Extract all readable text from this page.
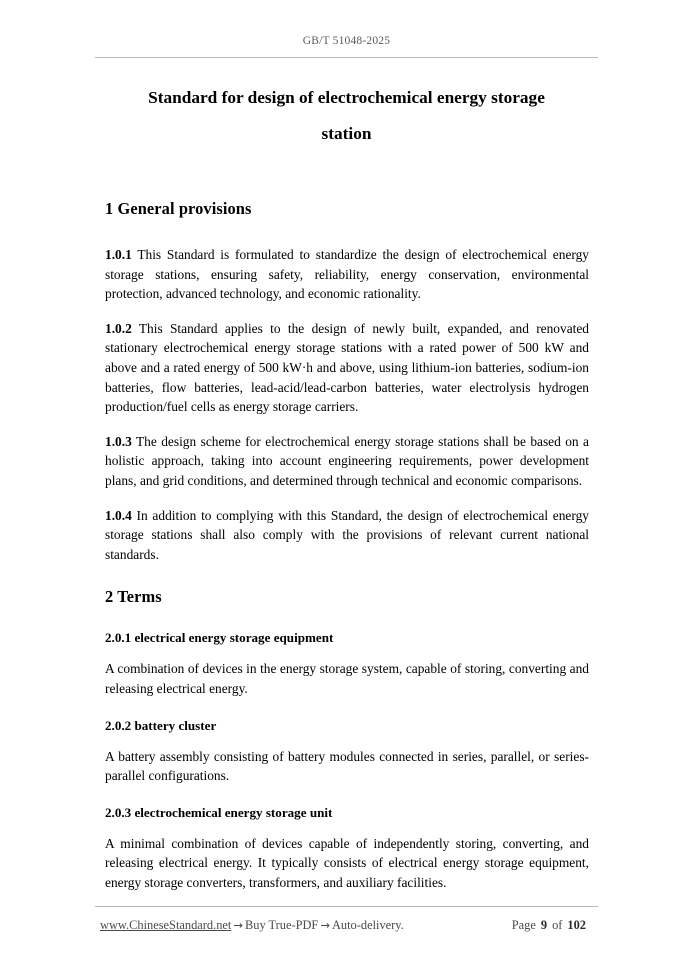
GB/T 51048-2025
Standard for design of electrochemical energy storage
station
1 General provisions

1.0.1 This Standard is formulated to standardize the design of electrochemical energy storage stations, ensuring safety, reliability, energy conservation, environmental protection, advanced technology, and economic rationality.

1.0.2 This Standard applies to the design of newly built, expanded, and renovated stationary electrochemical energy storage stations with a rated power of 500 kW and above and a rated energy of 500 kW·h and above, using lithium-ion batteries, sodium-ion batteries, flow batteries, lead-acid/lead-carbon batteries, water electrolysis hydrogen production/fuel cells as energy storage carriers.

1.0.3 The design scheme for electrochemical energy storage stations shall be based on a holistic approach, taking into account engineering requirements, power development plans, and grid conditions, and determined through technical and economic comparisons.

1.0.4 In addition to complying with this Standard, the design of electrochemical energy storage stations shall also comply with the provisions of relevant current national standards.

2 Terms

2.0.1 electrical energy storage equipment

A combination of devices in the energy storage system, capable of storing, converting and releasing electrical energy.

2.0.2 battery cluster

A battery assembly consisting of battery modules connected in series, parallel, or series-parallel configurations.

2.0.3 electrochemical energy storage unit

A minimal combination of devices capable of independently storing, converting, and releasing electrical energy. It typically consists of electrical energy storage equipment, energy storage converters, transformers, and auxiliary facilities.

www.ChineseStandard.net → Buy True-PDF → Auto-delivery.	Page 9 of 102
